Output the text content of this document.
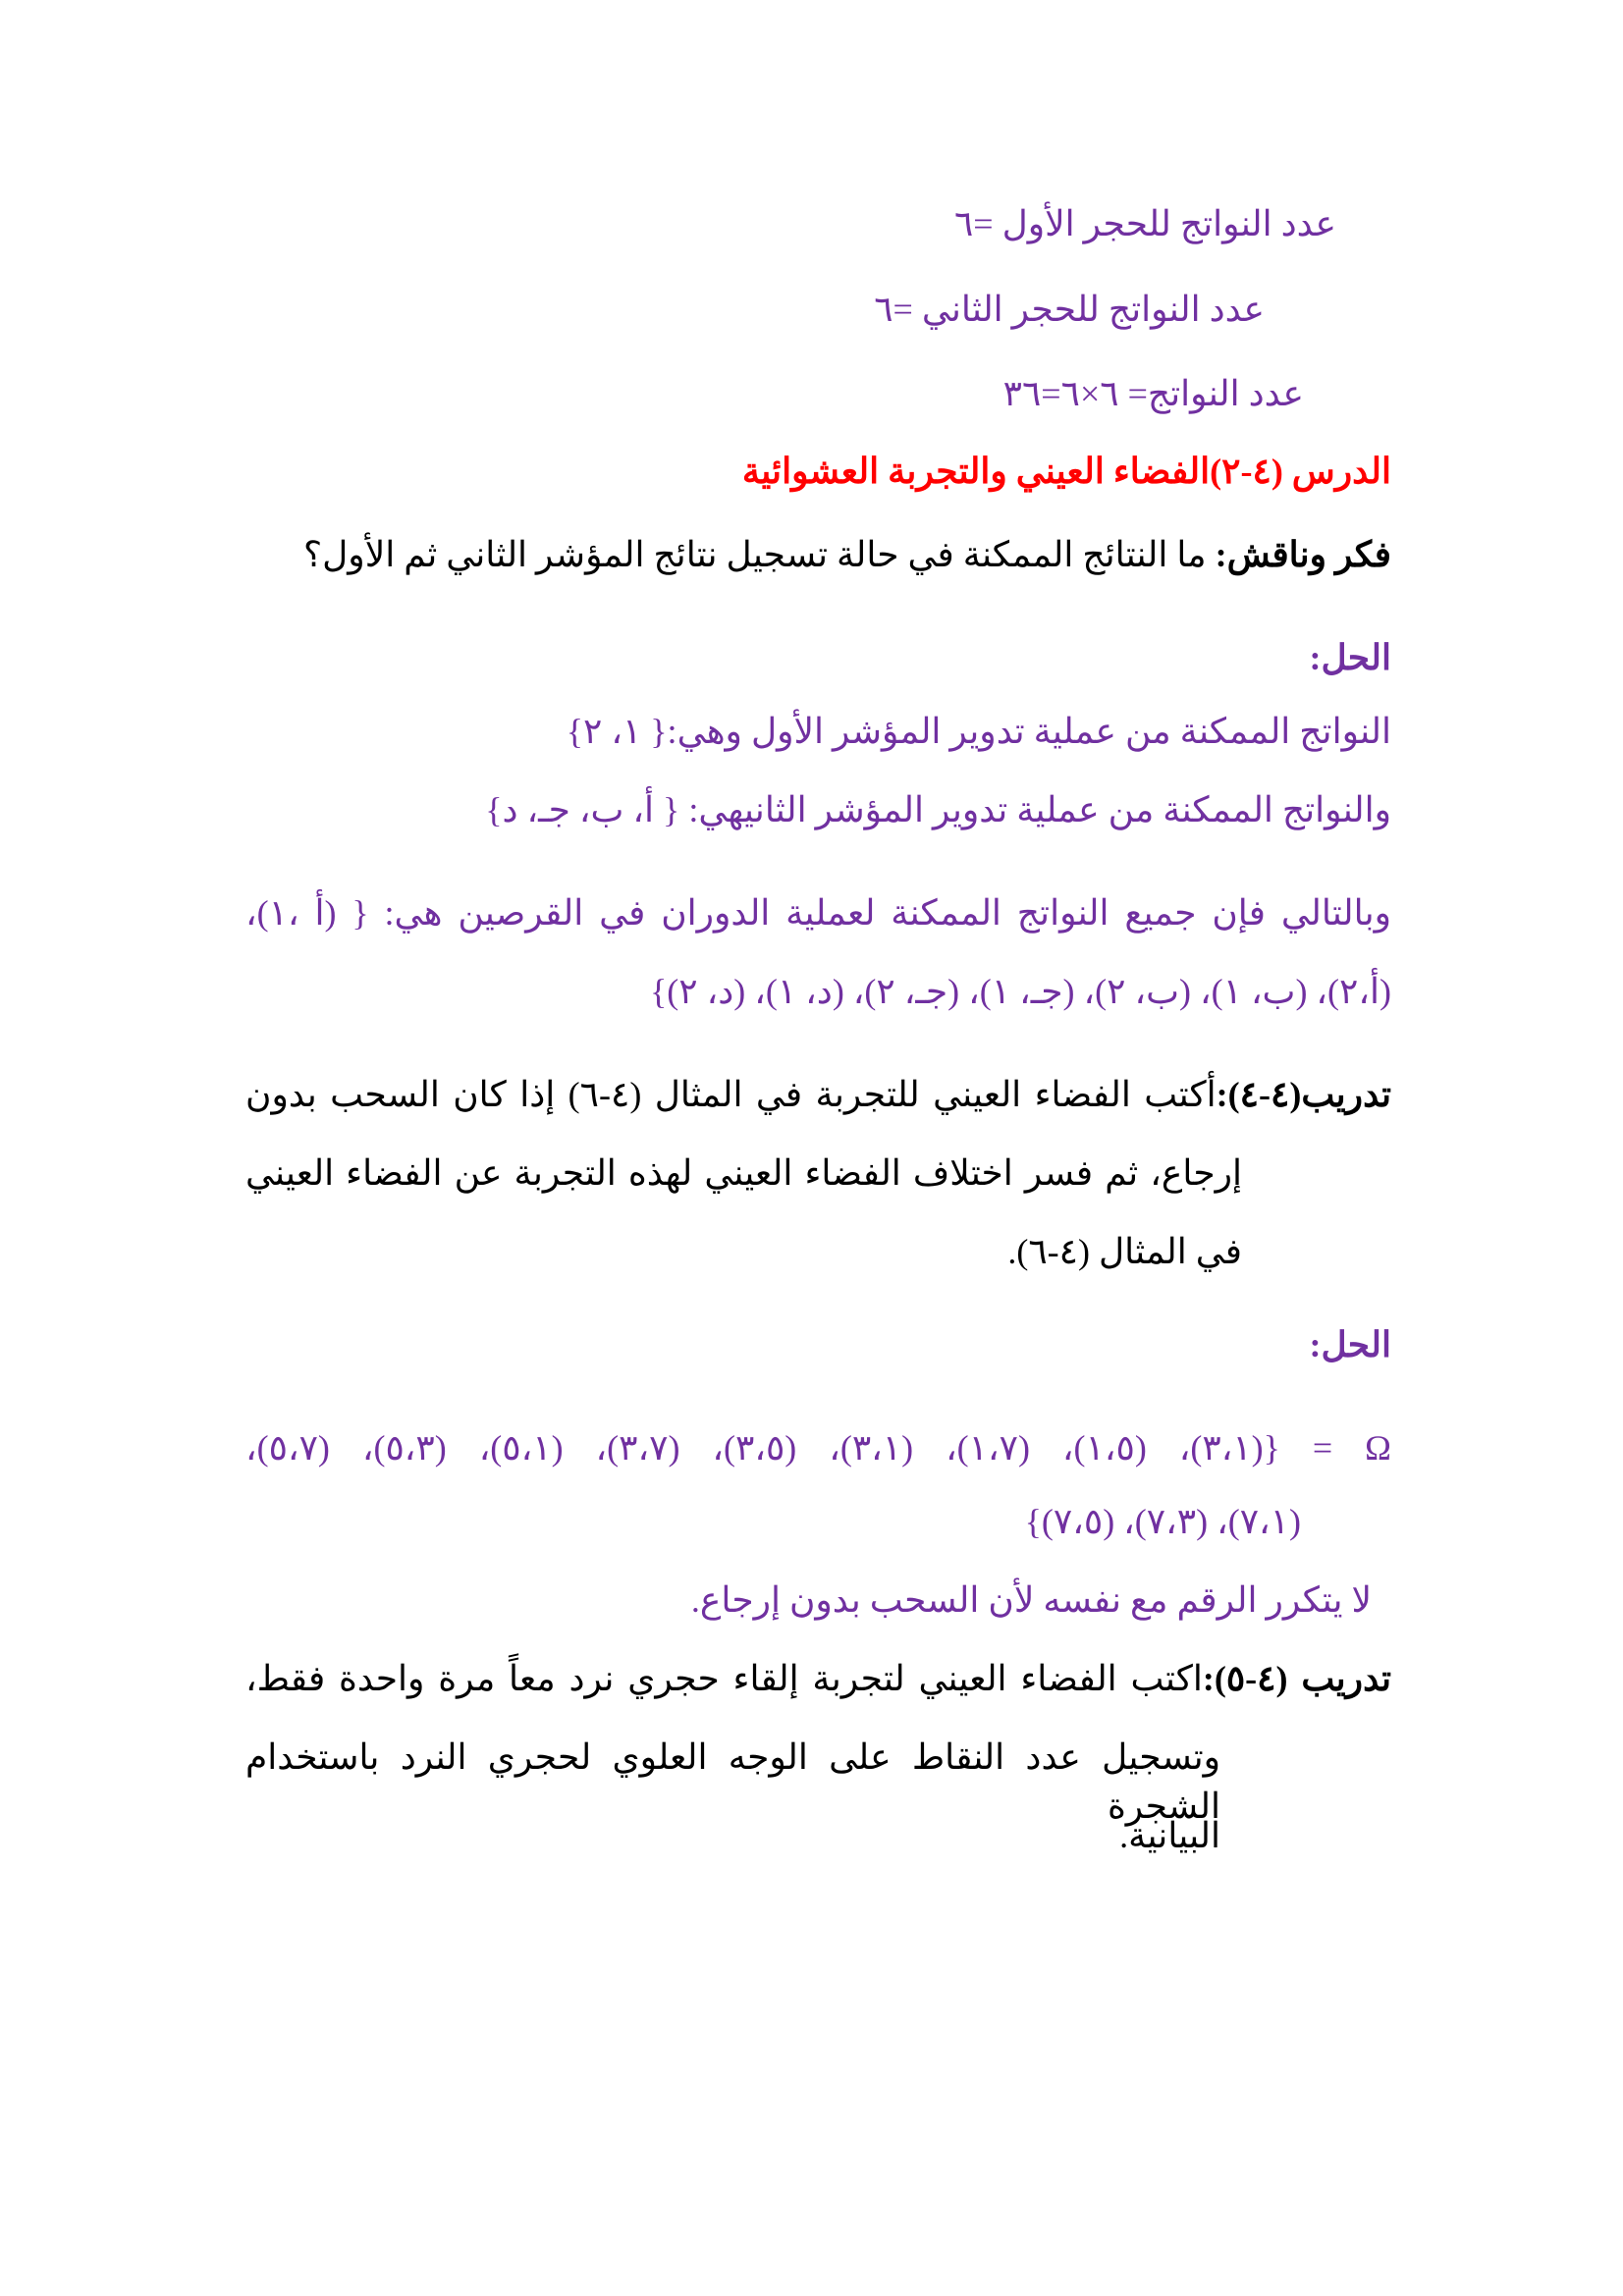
عدد النواتج للحجر الأول =٦
عدد النواتج للحجر الثاني =٦
عدد النواتج= ٦×٦=٣٦
الدرس (٤-٢)الفضاء العيني والتجربة العشوائية
فكر وناقش: ما النتائج الممكنة في حالة تسجيل نتائج المؤشر الثاني ثم الأول؟
الحل:
النواتج الممكنة من عملية تدوير المؤشر الأول وهي:{ ١، ٢}
والنواتج الممكنة من عملية تدوير المؤشر الثانيهي: { أ، ب، جـ، د}
وبالتالي فإن جميع النواتج الممكنة لعملية الدوران في القرصين هي: { (أ ،١)،
(أ،٢)، (ب، ١)، (ب، ٢)، (جـ، ١)، (جـ، ٢)، (د، ١)، (د، ٢)}
تدريب(٤-٤):أكتب الفضاء العيني للتجربة في المثال (٤-٦) إذا كان السحب بدون
إرجاع، ثم فسر اختلاف الفضاء العيني لهذه التجربة عن الفضاء العيني
في المثال (٤-٦).
الحل:
Ω = {(٣،١)، (١،٥)، (١،٧)، (٣،١)، (٣،٥)، (٣،٧)، (٥،١)، (٥،٣)، (٥،٧)،
(٧،١)، (٧،٣)، (٧،٥)}
لا يتكرر الرقم مع نفسه لأن السحب بدون إرجاع.
تدريب (٤-٥):اكتب الفضاء العيني لتجربة إلقاء حجري نرد معاً مرة واحدة فقط،
وتسجيل عدد النقاط على الوجه العلوي لحجري النرد باستخدام الشجرة
البيانية.
